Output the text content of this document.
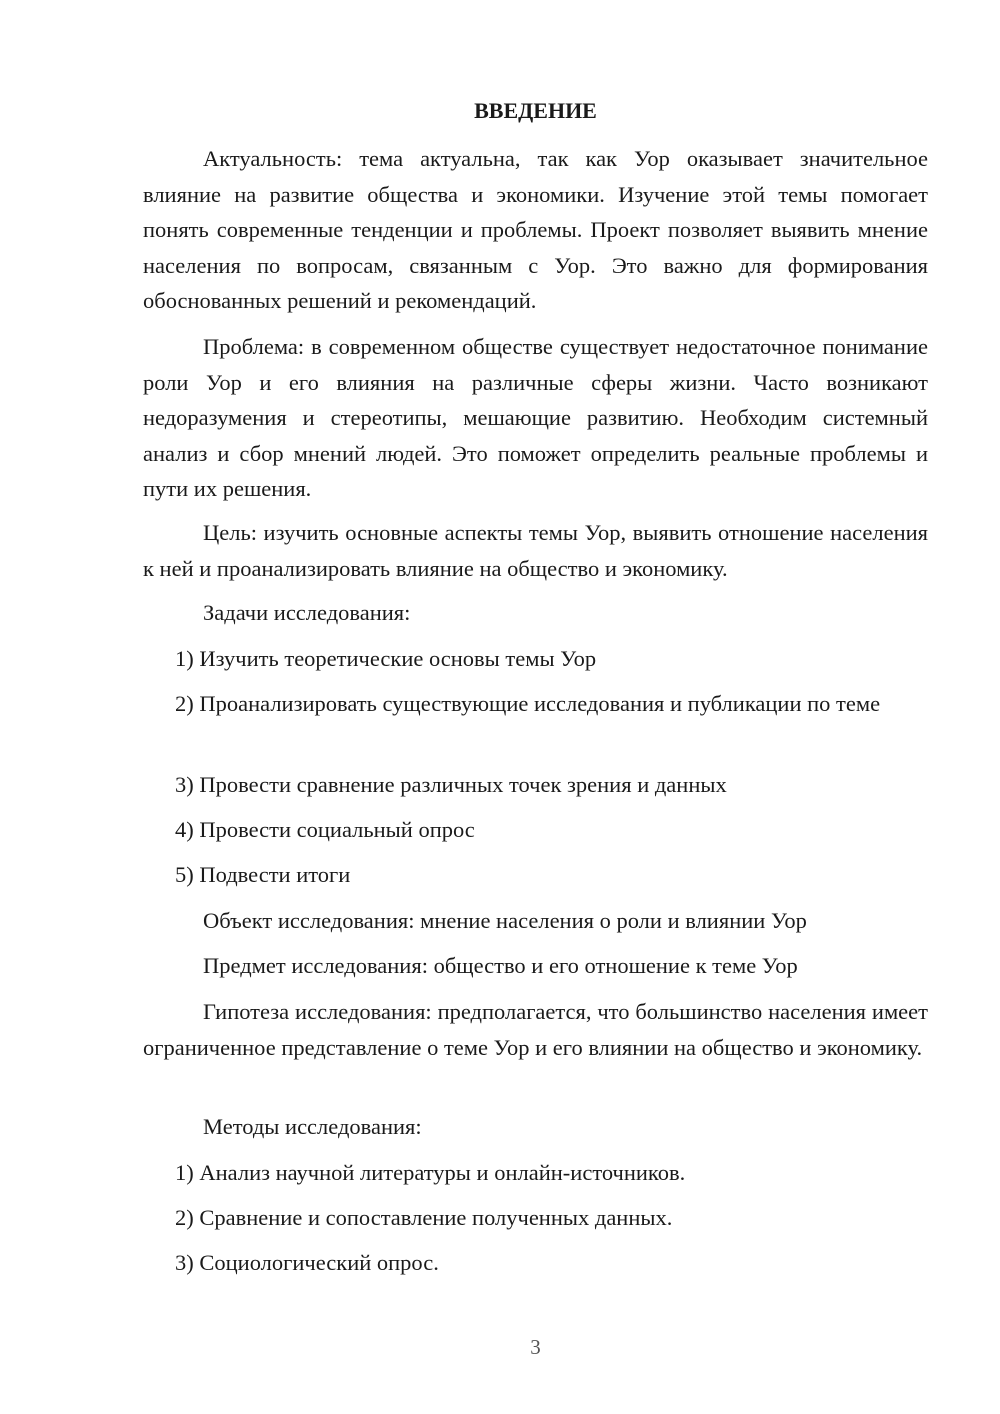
ВВЕДЕНИЕ

Актуальность: тема актуальна, так как Уор оказывает значительное влияние на развитие общества и экономики. Изучение этой темы помогает понять современные тенденции и проблемы. Проект позволяет выявить мнение населения по вопросам, связанным с Уор. Это важно для формирования обоснованных решений и рекомендаций.

Проблема: в современном обществе существует недостаточное понимание роли Уор и его влияния на различные сферы жизни. Часто возникают недоразумения и стереотипы, мешающие развитию. Необходим системный анализ и сбор мнений людей. Это поможет определить реальные проблемы и пути их решения.

Цель: изучить основные аспекты темы Уор, выявить отношение населения к ней и проанализировать влияние на общество и экономику.

Задачи исследования:

1) Изучить теоретические основы темы Уор

2) Проанализировать существующие исследования и публикации по теме

3) Провести сравнение различных точек зрения и данных

4) Провести социальный опрос

5) Подвести итоги

Объект исследования: мнение населения о роли и влиянии Уор

Предмет исследования: общество и его отношение к теме Уор

Гипотеза исследования: предполагается, что большинство населения имеет ограниченное представление о теме Уор и его влиянии на общество и экономику.

Методы исследования:

1) Анализ научной литературы и онлайн-источников.

2) Сравнение и сопоставление полученных данных.

3) Социологический опрос.

3
